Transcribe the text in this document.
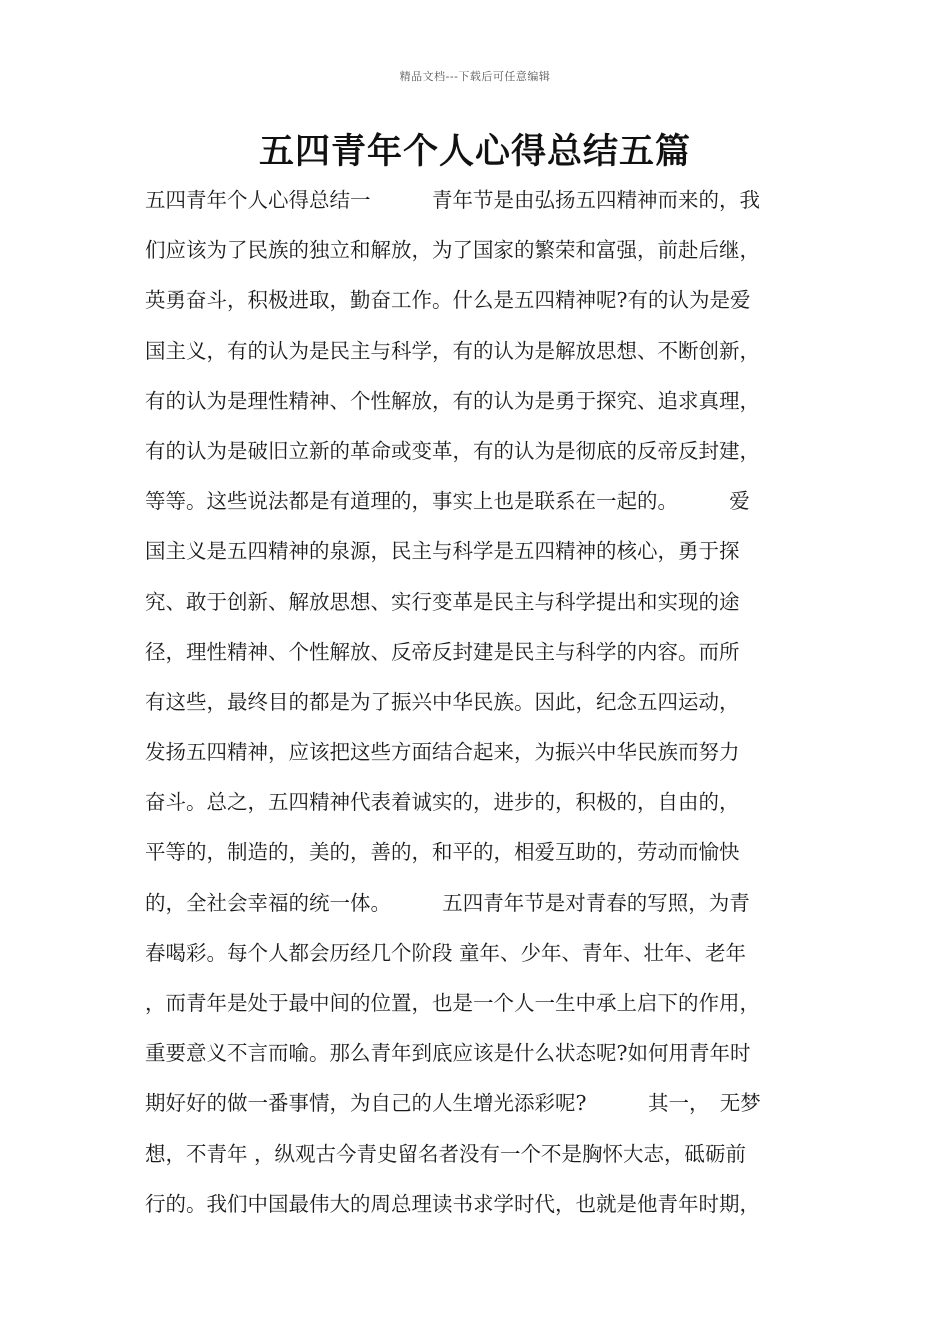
精品文档---下载后可任意编辑
五四青年个人心得总结五篇
五四青年个人心得总结一　　　青年节是由弘扬五四精神而来的，我
们应该为了民族的独立和解放，为了国家的繁荣和富强，前赴后继，
英勇奋斗，积极进取，勤奋工作。什么是五四精神呢?有的认为是爱
国主义，有的认为是民主与科学，有的认为是解放思想、不断创新，
有的认为是理性精神、个性解放，有的认为是勇于探究、追求真理，
有的认为是破旧立新的革命或变革，有的认为是彻底的反帝反封建，
等等。这些说法都是有道理的，事实上也是联系在一起的。　　　爱
国主义是五四精神的泉源，民主与科学是五四精神的核心，勇于探
究、敢于创新、解放思想、实行变革是民主与科学提出和实现的途
径，理性精神、个性解放、反帝反封建是民主与科学的内容。而所
有这些，最终目的都是为了振兴中华民族。因此，纪念五四运动，
发扬五四精神，应该把这些方面结合起来，为振兴中华民族而努力
奋斗。总之，五四精神代表着诚实的，进步的，积极的，自由的，
平等的，制造的，美的，善的，和平的，相爱互助的，劳动而愉快
的，全社会幸福的统一体。　　　五四青年节是对青春的写照，为青
春喝彩。每个人都会历经几个阶段 童年、少年、青年、壮年、老年
，而青年是处于最中间的位置，也是一个人一生中承上启下的作用，
重要意义不言而喻。那么青年到底应该是什么状态呢?如何用青年时
期好好的做一番事情，为自己的人生增光添彩呢?　　　其一，　无梦
想，不青年 ，纵观古今青史留名者没有一个不是胸怀大志，砥砺前
行的。我们中国最伟大的周总理读书求学时代，也就是他青年时期，
